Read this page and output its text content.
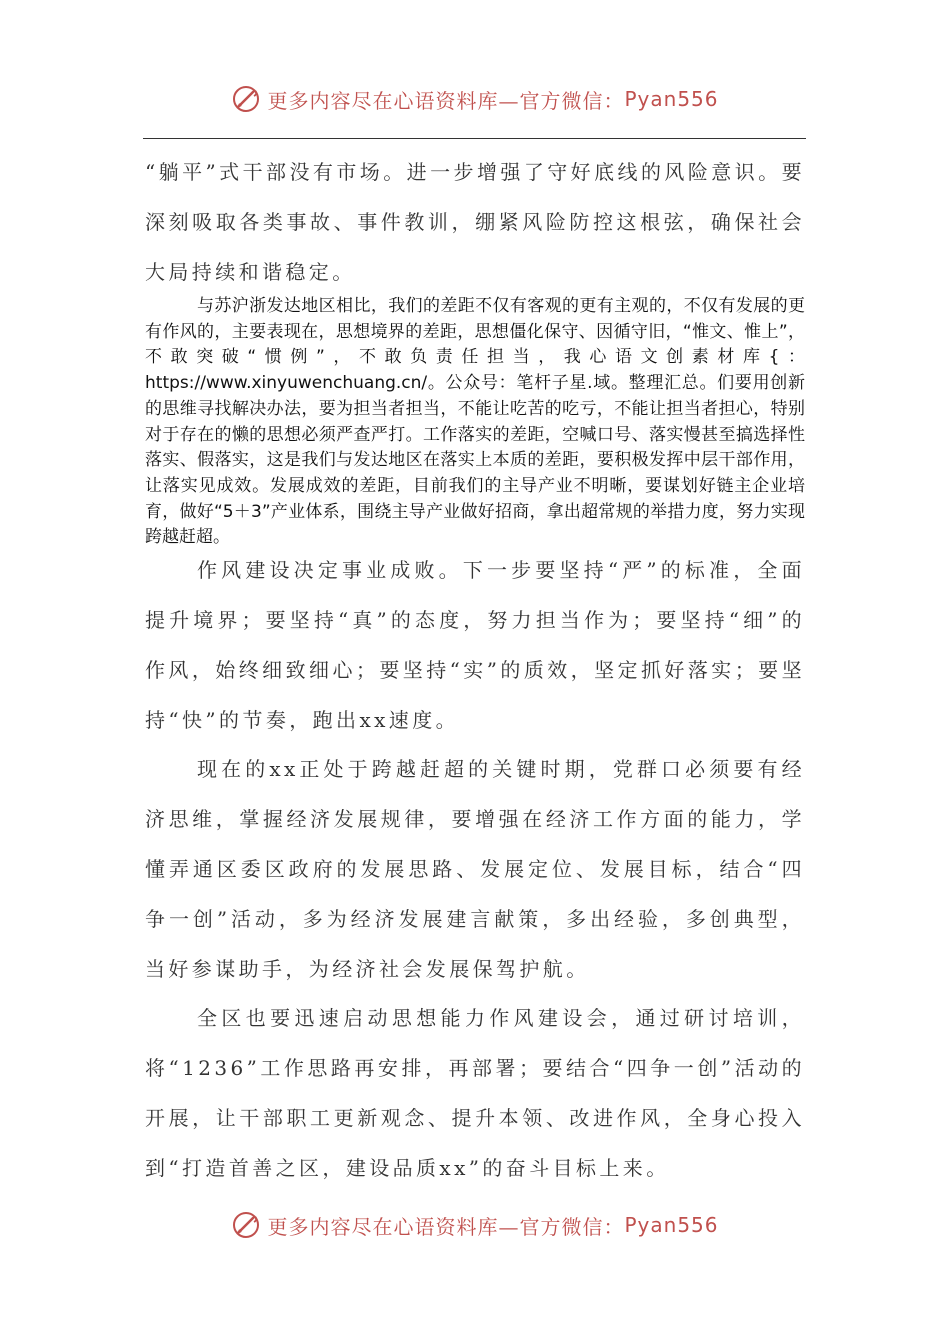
更多内容尽在心语资料库—官方微信： Pyan556

“躺平”式干部没有市场。进一步增强了守好底线的风险意识。要深刻吸取各类事故、事件教训，绷紧风险防控这根弦，确保社会大局持续和谐稳定。

与苏沪浙发达地区相比，我们的差距不仅有客观的更有主观的，不仅有发展的更有作风的，主要表现在，思想境界的差距，思想僵化保守、因循守旧，“惟文、惟上”，不敢突破“惯例”，不敢负责任担当，我心语文创素材库{：https://www.xinyuwenchuang.cn/。公众号：笔杆子星.域。整理汇总。们要用创新的思维寻找解决办法，要为担当者担当，不能让吃苦的吃亏，不能让担当者担心，特别对于存在的懒的思想必须严查严打。工作落实的差距，空喊口号、落实慢甚至搞选择性落实、假落实，这是我们与发达地区在落实上本质的差距，要积极发挥中层干部作用，让落实见成效。发展成效的差距，目前我们的主导产业不明晰，要谋划好链主企业培育，做好“5＋3”产业体系，围绕主导产业做好招商，拿出超常规的举措力度，努力实现跨越赶超。

作风建设决定事业成败。下一步要坚持“严”的标准，全面提升境界；要坚持“真”的态度，努力担当作为；要坚持“细”的作风，始终细致细心；要坚持“实”的质效，坚定抓好落实；要坚持“快”的节奏，跑出xx速度。

现在的xx正处于跨越赶超的关键时期，党群口必须要有经济思维，掌握经济发展规律，要增强在经济工作方面的能力，学懂弄通区委区政府的发展思路、发展定位、发展目标，结合“四争一创”活动，多为经济发展建言献策，多出经验，多创典型，当好参谋助手，为经济社会发展保驾护航。

全区也要迅速启动思想能力作风建设会，通过研讨培训，将“1236”工作思路再安排，再部署；要结合“四争一创”活动的开展，让干部职工更新观念、提升本领、改进作风，全身心投入到“打造首善之区，建设品质xx”的奋斗目标上来。

更多内容尽在心语资料库—官方微信： Pyan556
